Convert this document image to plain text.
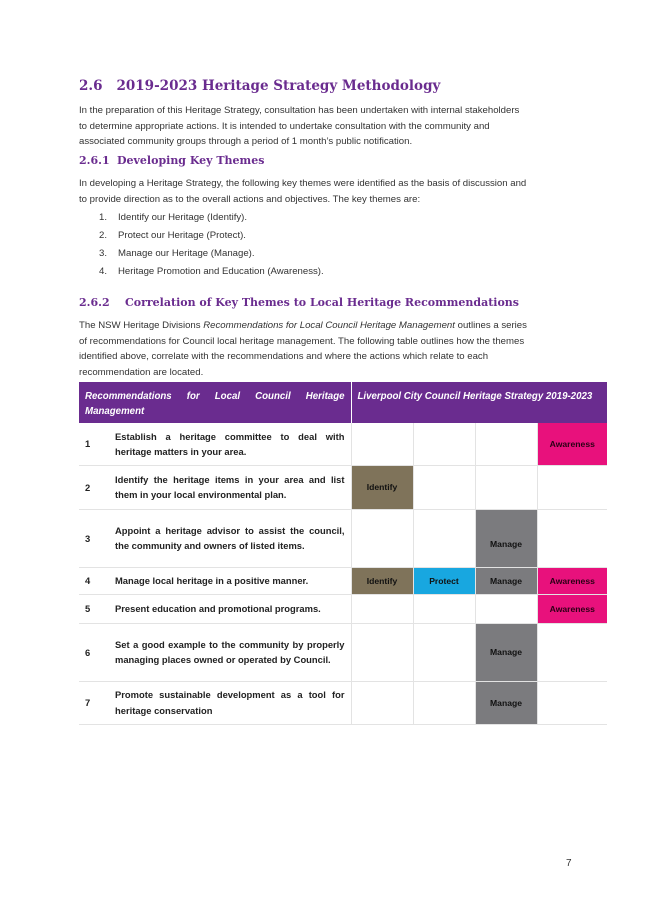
2.6 2019-2023 Heritage Strategy Methodology
In the preparation of this Heritage Strategy, consultation has been undertaken with internal stakeholders
to determine appropriate actions. It is intended to undertake consultation with the community and
associated community groups through a period of 1 month’s public notification.
2.6.1 Developing Key Themes
In developing a Heritage Strategy, the following key themes were identified as the basis of discussion and
to provide direction as to the overall actions and objectives. The key themes are:
1. Identify our Heritage (Identify).
2. Protect our Heritage (Protect).
3. Manage our Heritage (Manage).
4. Heritage Promotion and Education (Awareness).
2.6.2 Correlation of Key Themes to Local Heritage Recommendations
The NSW Heritage Divisions Recommendations for Local Council Heritage Management outlines a series
of recommendations for Council local heritage management. The following table outlines how the themes
identified above, correlate with the recommendations and where the actions which relate to each
recommendation are located.
Recommendations for Local Council Heritage Management		Liverpool City Council Heritage Strategy 2019-2023			
1	Establish a heritage committee to deal with heritage matters in your area.				Awareness
2	Identify the heritage items in your area and list them in your local environmental plan.	Identify			
3	Appoint a heritage advisor to assist the council, the community and owners of listed items.			Manage	
4	Manage local heritage in a positive manner.	Identify	Protect	Manage	Awareness
5	Present education and promotional programs.				Awareness
6	Set a good example to the community by properly managing places owned or operated by Council.			Manage	
7	Promote sustainable development as a tool for heritage conservation			Manage	
7
